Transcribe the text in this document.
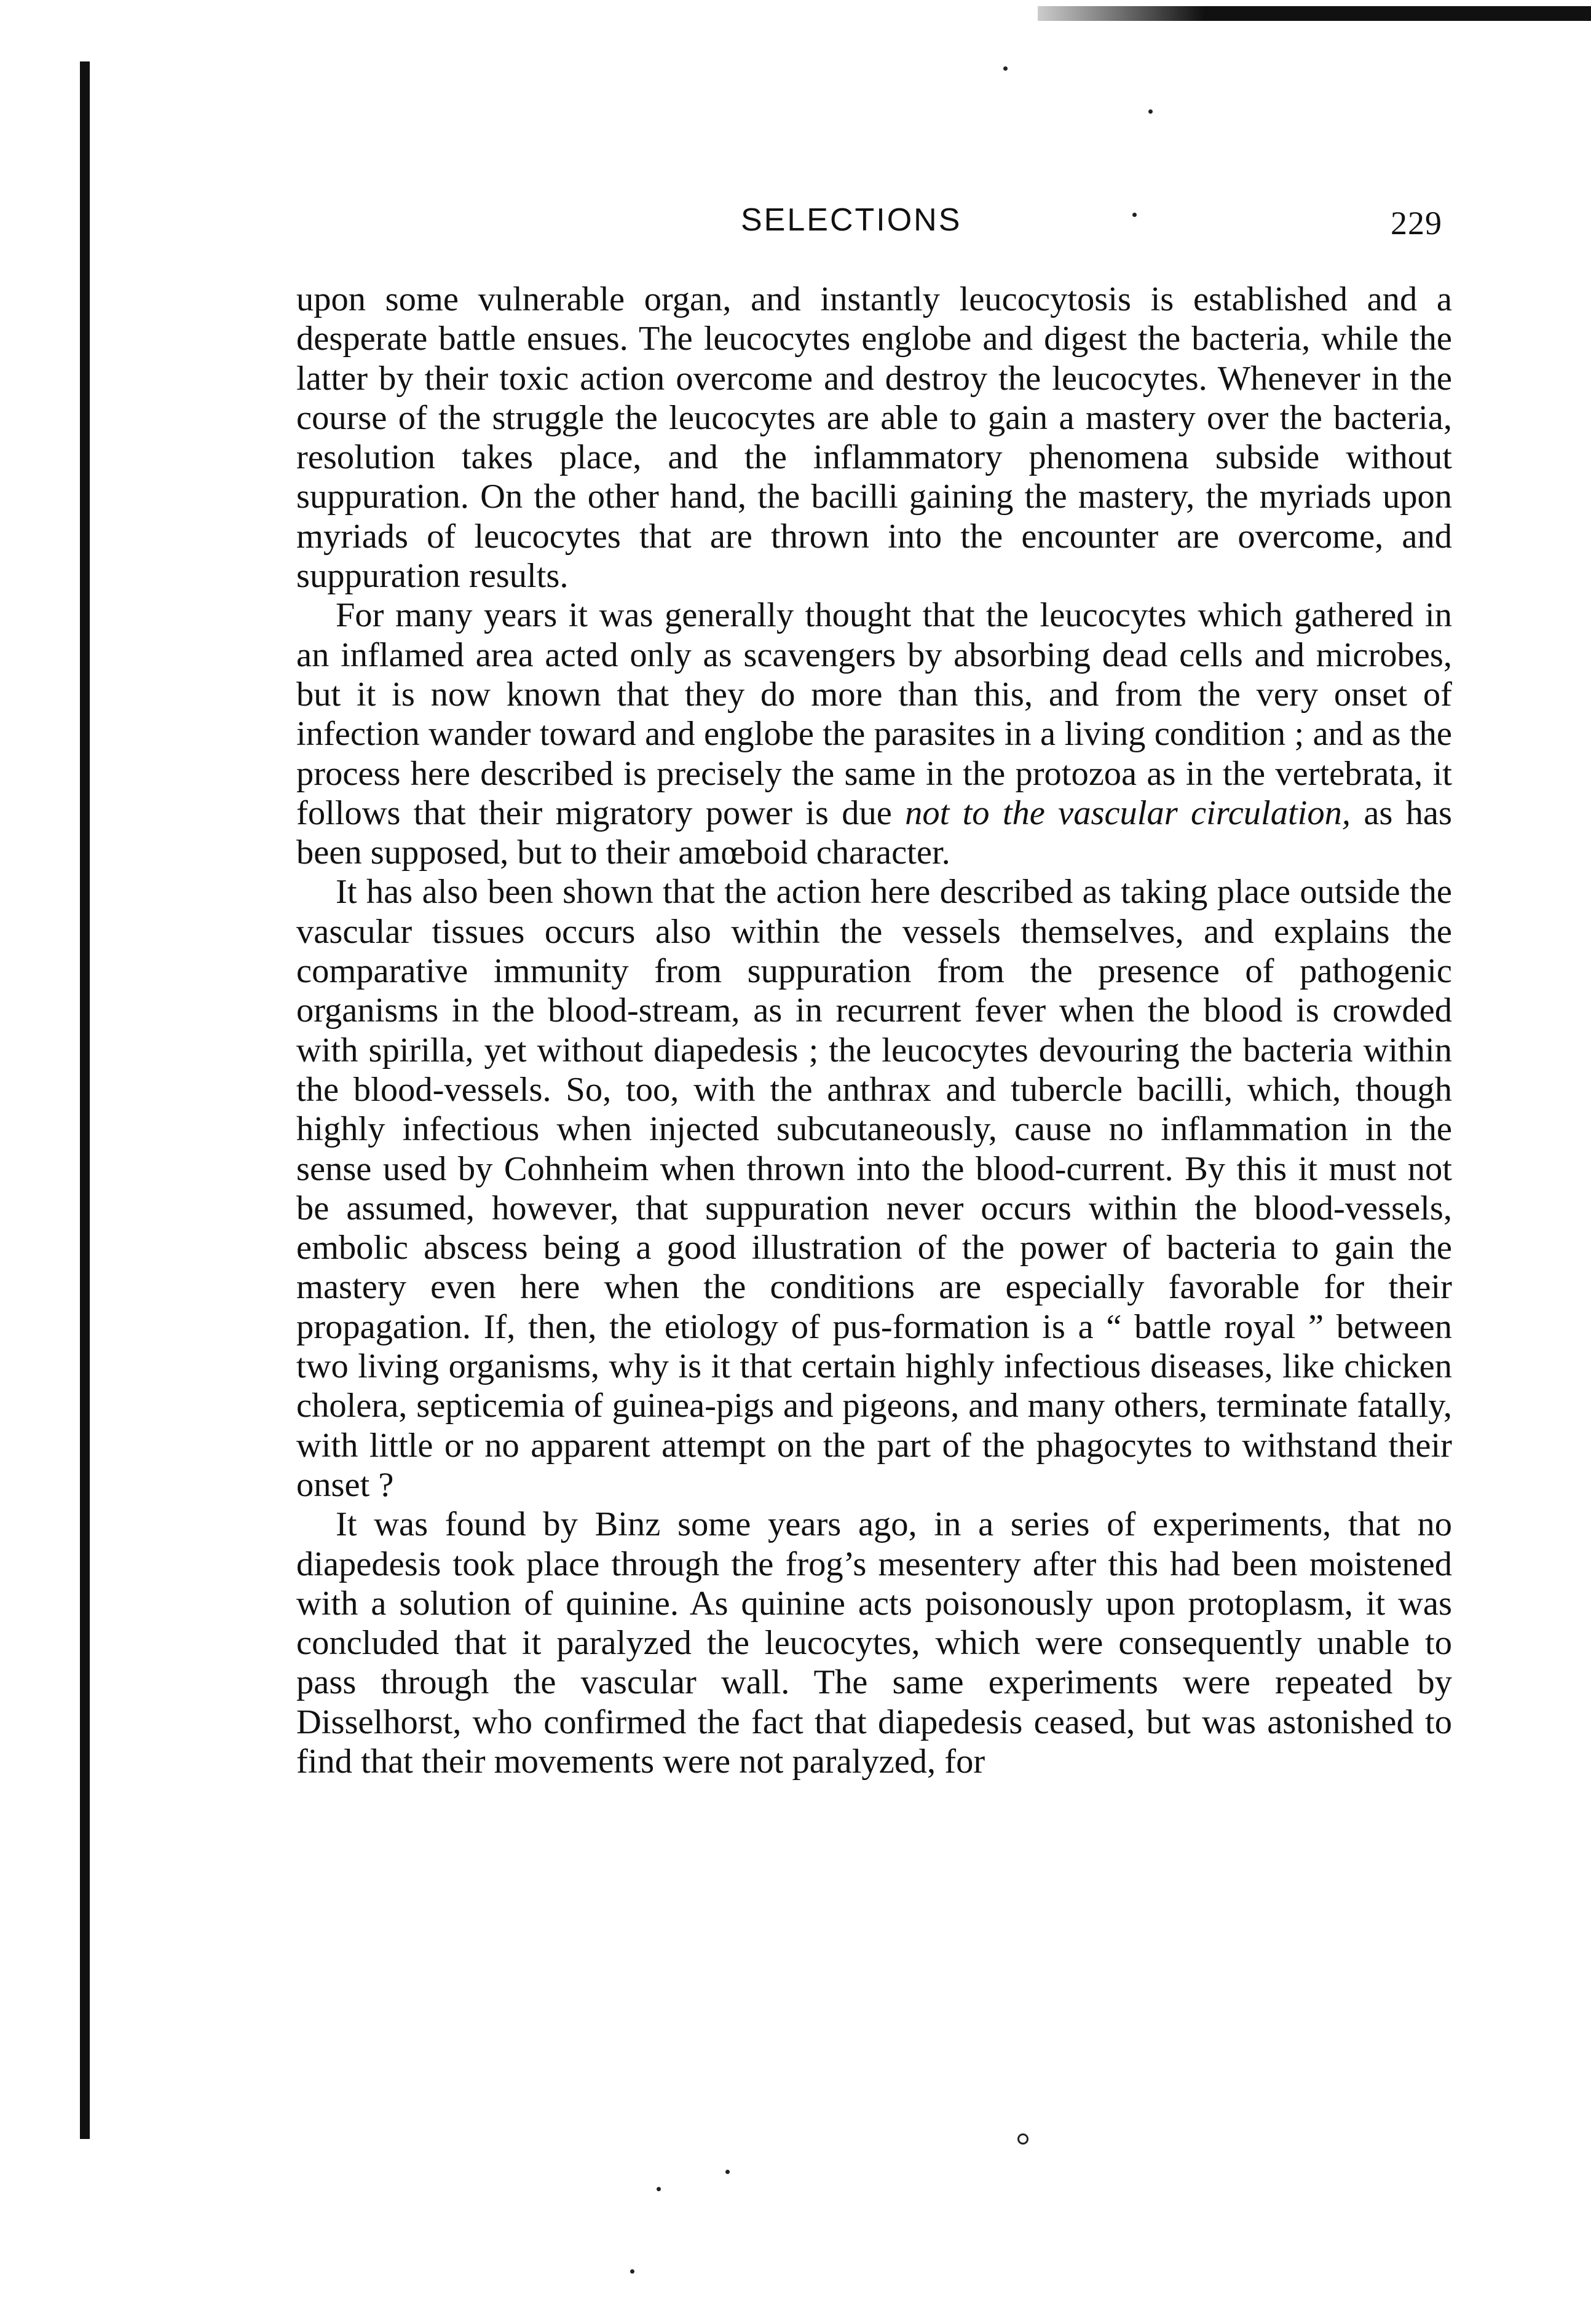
SELECTIONS	229

upon some vulnerable organ, and instantly leucocytosis is established and a desperate battle ensues. The leucocytes englobe and digest the bacteria, while the latter by their toxic action overcome and destroy the leucocytes. Whenever in the course of the struggle the leucocytes are able to gain a mastery over the bacteria, resolution takes place, and the inflammatory phenomena subside without suppuration. On the other hand, the bacilli gaining the mastery, the myriads upon myriads of leucocytes that are thrown into the encounter are overcome, and suppuration results.

For many years it was generally thought that the leucocytes which gathered in an inflamed area acted only as scavengers by absorbing dead cells and microbes, but it is now known that they do more than this, and from the very onset of infection wander toward and englobe the parasites in a living condition ; and as the process here described is precisely the same in the protozoa as in the vertebrata, it follows that their migratory power is due not to the vascular circulation, as has been supposed, but to their amœboid character.

It has also been shown that the action here described as taking place outside the vascular tissues occurs also within the vessels themselves, and explains the comparative immunity from suppuration from the presence of pathogenic organisms in the blood-stream, as in recurrent fever when the blood is crowded with spirilla, yet without diapedesis ; the leucocytes devouring the bacteria within the blood-vessels. So, too, with the anthrax and tubercle bacilli, which, though highly infectious when injected subcutaneously, cause no inflammation in the sense used by Cohnheim when thrown into the blood-current. By this it must not be assumed, however, that suppuration never occurs within the blood-vessels, embolic abscess being a good illustration of the power of bacteria to gain the mastery even here when the conditions are especially favorable for their propagation. If, then, the etiology of pus-formation is a “ battle royal ” between two living organisms, why is it that certain highly infectious diseases, like chicken cholera, septicemia of guinea-pigs and pigeons, and many others, terminate fatally, with little or no apparent attempt on the part of the phagocytes to withstand their onset ?

It was found by Binz some years ago, in a series of experiments, that no diapedesis took place through the frog’s mesentery after this had been moistened with a solution of quinine. As quinine acts poisonously upon protoplasm, it was concluded that it paralyzed the leucocytes, which were consequently unable to pass through the vascular wall. The same experiments were repeated by Disselhorst, who confirmed the fact that diapedesis ceased, but was astonished to find that their movements were not paralyzed, for
